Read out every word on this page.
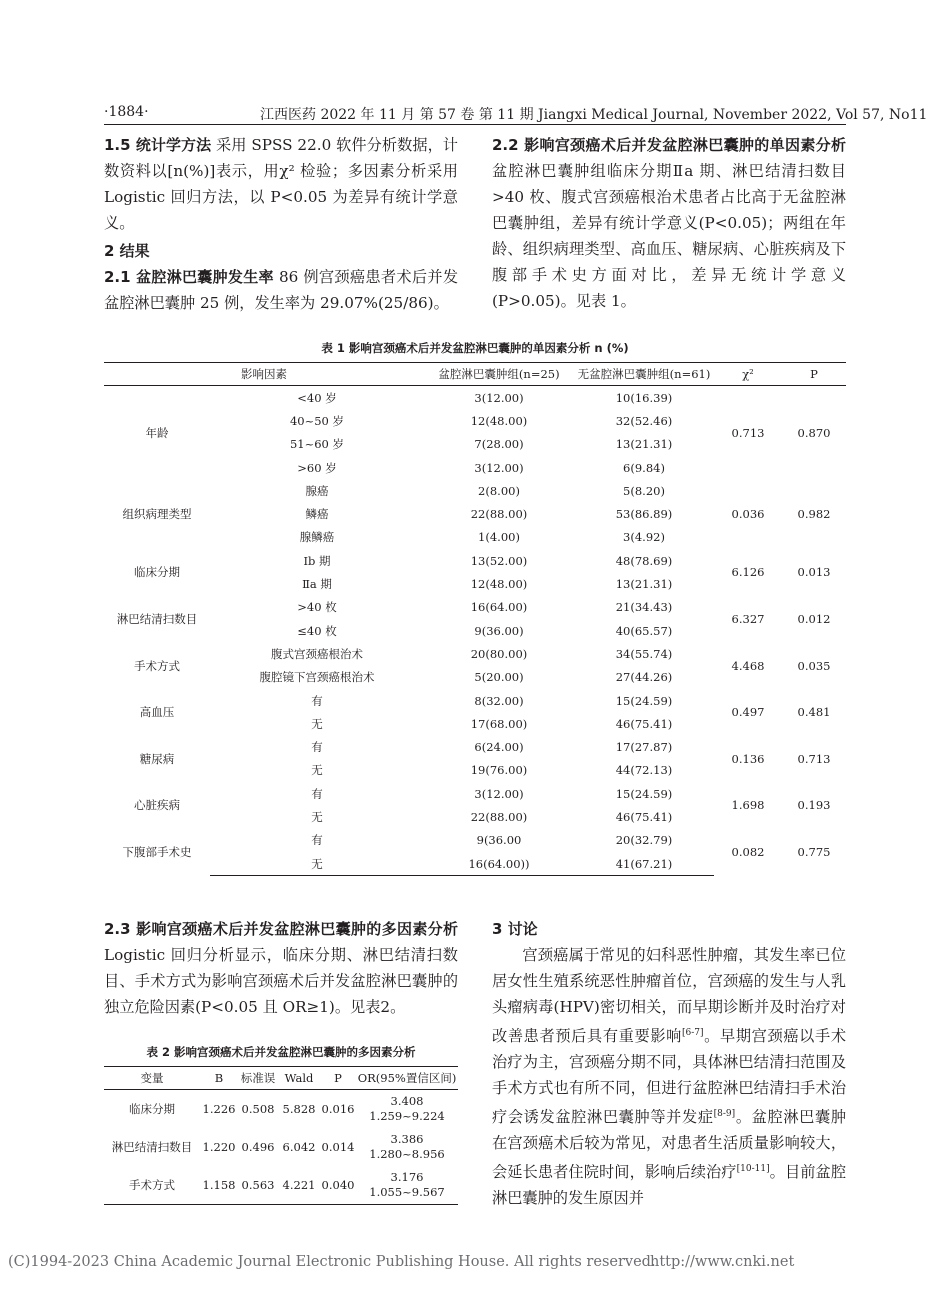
·1884·	江西医药 2022 年 11 月 第 57 卷 第 11 期 Jiangxi Medical Journal, November 2022, Vol 57, No11

1.5 统计学方法 采用 SPSS 22.0 软件分析数据，计数资料以[n(%)]表示，用χ² 检验；多因素分析采用 Logistic 回归方法，以 P<0.05 为差异有统计学意义。

2 结果

2.1 盆腔淋巴囊肿发生率 86 例宫颈癌患者术后并发盆腔淋巴囊肿 25 例，发生率为 29.07%(25/86)。

2.2 影响宫颈癌术后并发盆腔淋巴囊肿的单因素分析 盆腔淋巴囊肿组临床分期Ⅱa 期、淋巴结清扫数目>40 枚、腹式宫颈癌根治术患者占比高于无盆腔淋巴囊肿组，差异有统计学意义(P<0.05)；两组在年龄、组织病理类型、高血压、糖尿病、心脏疾病及下腹部手术史方面对比，差异无统计学意义(P>0.05)。见表 1。

表 1 影响宫颈癌术后并发盆腔淋巴囊肿的单因素分析 n (%)
影响因素		盆腔淋巴囊肿组(n=25)	无盆腔淋巴囊肿组(n=61)	χ²	P
年龄	<40 岁	3(12.00)	10(16.39)	0.713	0.870
	40~50 岁	12(48.00)	32(52.46)		
	51~60 岁	7(28.00)	13(21.31)		
	>60 岁	3(12.00)	6(9.84)		
组织病理类型	腺癌	2(8.00)	5(8.20)	0.036	0.982
	鳞癌	22(88.00)	53(86.89)		
	腺鳞癌	1(4.00)	3(4.92)		
临床分期	Ⅰb 期	13(52.00)	48(78.69)	6.126	0.013
	Ⅱa 期	12(48.00)	13(21.31)		
淋巴结清扫数目	>40 枚	16(64.00)	21(34.43)	6.327	0.012
	≤40 枚	9(36.00)	40(65.57)		
手术方式	腹式宫颈癌根治术	20(80.00)	34(55.74)	4.468	0.035
	腹腔镜下宫颈癌根治术	5(20.00)	27(44.26)		
高血压	有	8(32.00)	15(24.59)	0.497	0.481
	无	17(68.00)	46(75.41)		
糖尿病	有	6(24.00)	17(27.87)	0.136	0.713
	无	19(76.00)	44(72.13)		
心脏疾病	有	3(12.00)	15(24.59)	1.698	0.193
	无	22(88.00)	46(75.41)		
下腹部手术史	有	9(36.00	20(32.79)	0.082	0.775
	无	16(64.00))	41(67.21)		

2.3 影响宫颈癌术后并发盆腔淋巴囊肿的多因素分析 Logistic 回归分析显示，临床分期、淋巴结清扫数目、手术方式为影响宫颈癌术后并发盆腔淋巴囊肿的独立危险因素(P<0.05 且 OR≥1)。见表2。

表 2 影响宫颈癌术后并发盆腔淋巴囊肿的多因素分析
变量	B	标准误	Wald	P	OR(95%置信区间)
临床分期	1.226	0.508	5.828	0.016	3.408
1.259~9.224

淋巴结清扫数目	1.220	0.496	6.042	0.014	3.386
1.280~8.956

手术方式	1.158	0.563	4.221	0.040	3.176
1.055~9.567

3 讨论

宫颈癌属于常见的妇科恶性肿瘤，其发生率已位居女性生殖系统恶性肿瘤首位，宫颈癌的发生与人乳头瘤病毒(HPV)密切相关，而早期诊断并及时治疗对改善患者预后具有重要影响[6-7]。早期宫颈癌以手术治疗为主，宫颈癌分期不同，具体淋巴结清扫范围及手术方式也有所不同，但进行盆腔淋巴结清扫手术治疗会诱发盆腔淋巴囊肿等并发症[8-9]。盆腔淋巴囊肿在宫颈癌术后较为常见，对患者生活质量影响较大，会延长患者住院时间，影响后续治疗[10-11]。目前盆腔淋巴囊肿的发生原因并

(C)1994-2023 China Academic Journal Electronic Publishing House. All rights reserved.
http://www.cnki.net
